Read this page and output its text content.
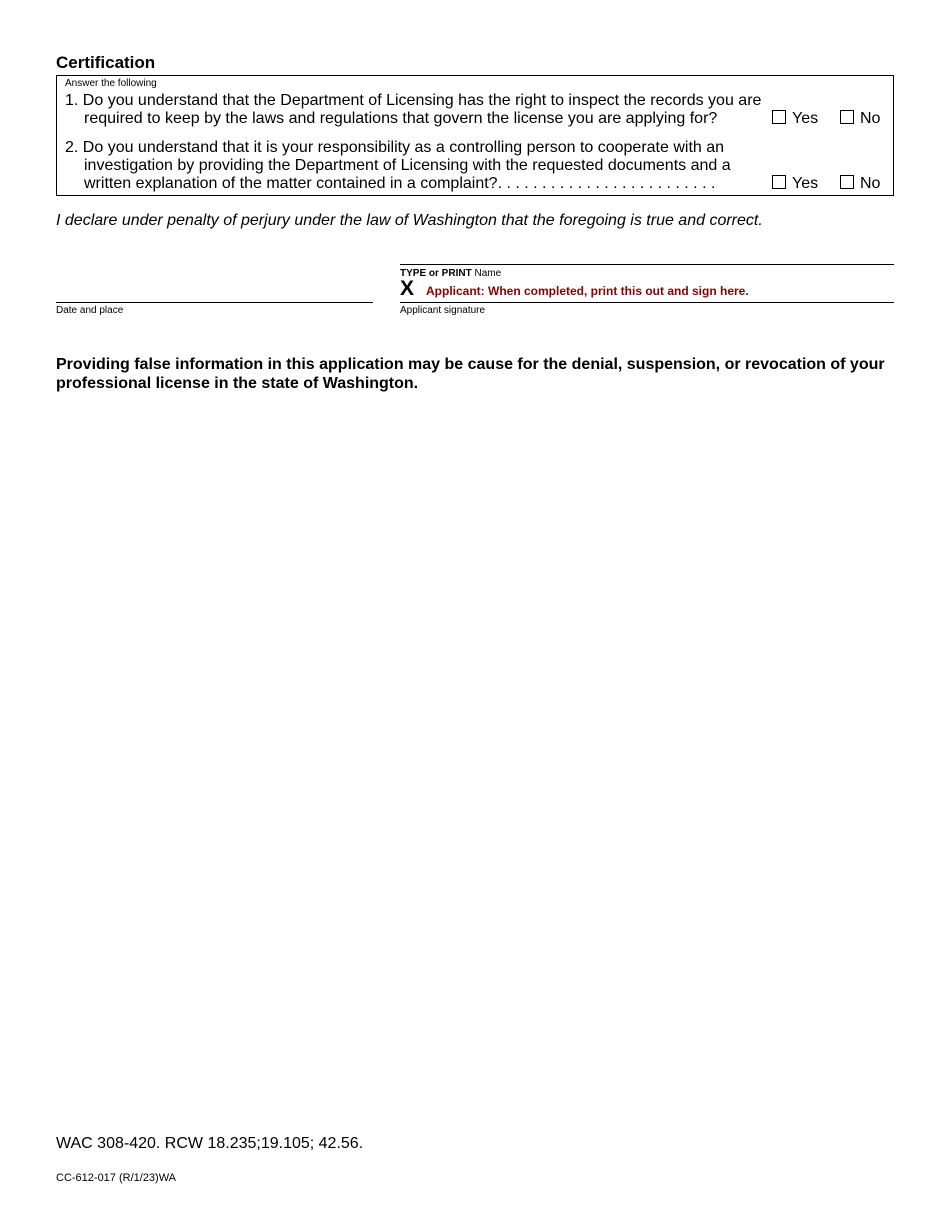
Certification
Answer the following
1. Do you understand that the Department of Licensing has the right to inspect the records you are
required to keep by the laws and regulations that govern the license you are applying for?	Yes	No
2. Do you understand that it is your responsibility as a controlling person to cooperate with an
investigation by providing the Department of Licensing with the requested documents and a
written explanation of the matter contained in a complaint?. . . . . . . . . . . . . . . . . . . . . . . . .	Yes	No
I declare under penalty of perjury under the law of Washington that the foregoing is true and correct.
TYPE or PRINT Name
X Applicant: When completed, print this out and sign here.
Date and place	Applicant signature
Providing false information in this application may be cause for the denial, suspension, or revocation of your professional license in the state of Washington.
WAC 308-420. RCW 18.235;19.105; 42.56.
CC-612-017 (R/1/23)WA
